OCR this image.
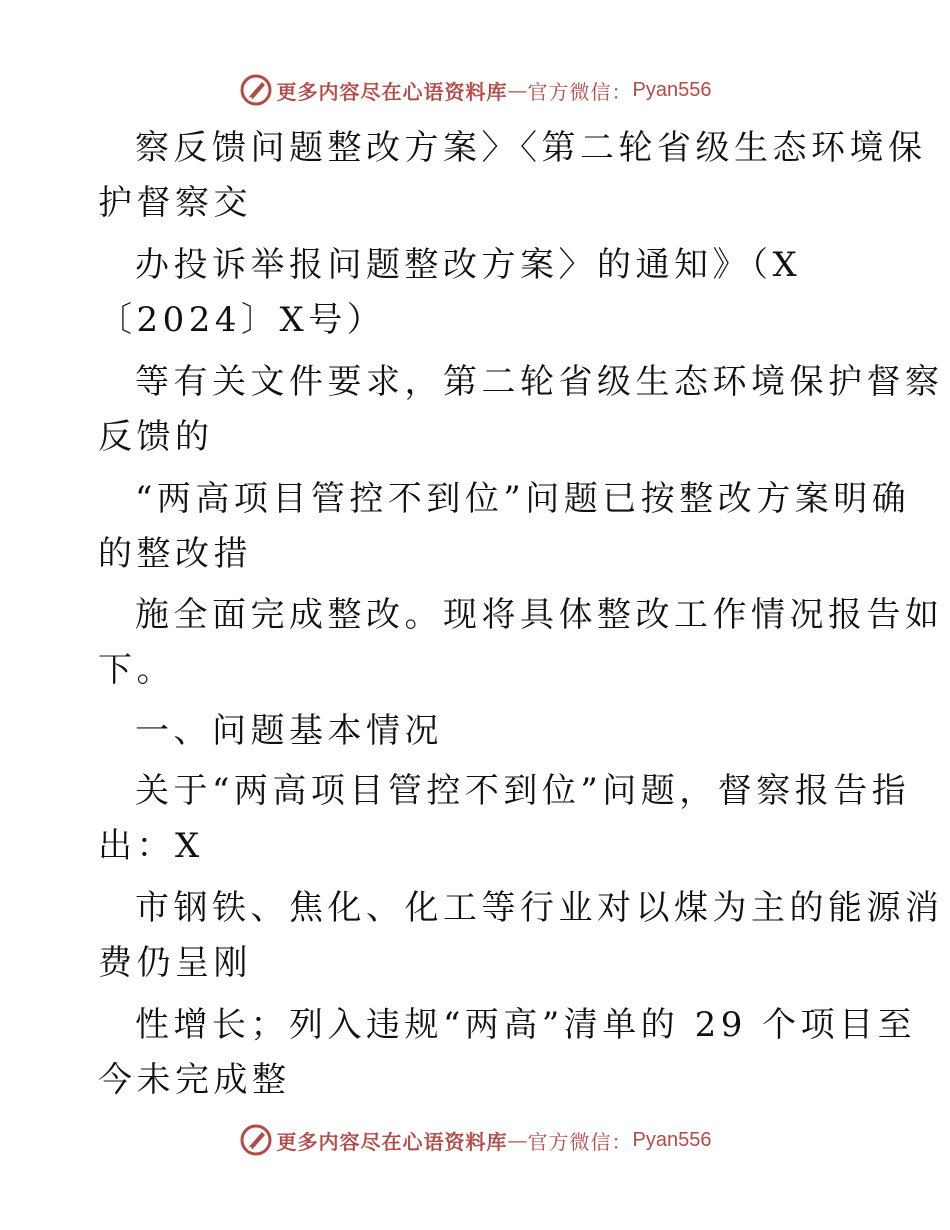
更多内容尽在心语资料库 — 官方微信： Pyan556
察反馈问题整改方案〉〈第二轮省级生态环境保
护督察交
办投诉举报问题整改方案〉的通知》（X
〔2024〕X号）
等有关文件要求，第二轮省级生态环境保护督察
反馈的
“两高项目管控不到位”问题已按整改方案明确
的整改措
施全面完成整改。现将具体整改工作情况报告如
下。
一、问题基本情况
关于“两高项目管控不到位”问题，督察报告指
出：X
市钢铁、焦化、化工等行业对以煤为主的能源消
费仍呈刚
性增长；列入违规“两高”清单的 29 个项目至
今未完成整
更多内容尽在心语资料库 — 官方微信： Pyan556
